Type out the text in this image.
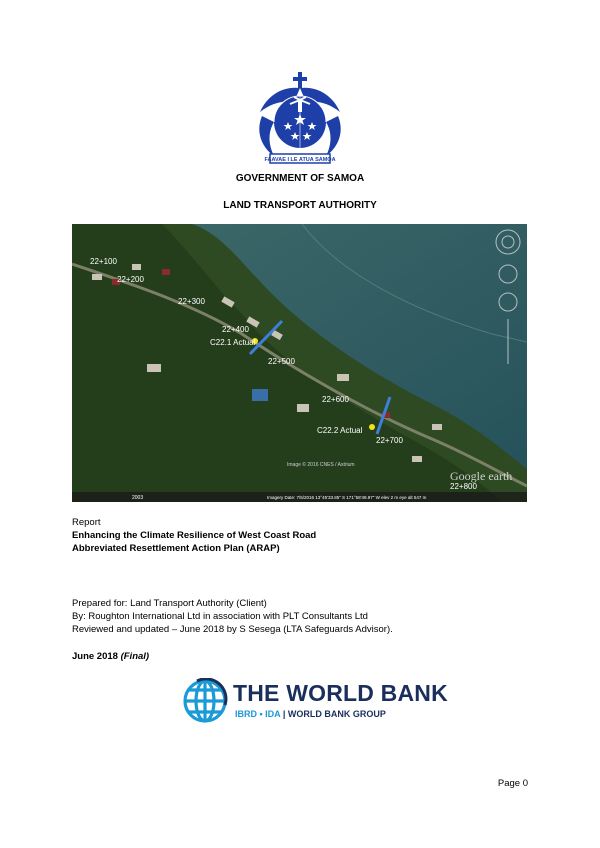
FAAVAE I LE ATUA SAMOA
GOVERNMENT OF SAMOA
LAND TRANSPORT AUTHORITY
22+100
22+200
22+300
22+400
C22.1 Actual
22+500
22+600
C22.2 Actual
22+700
22+800
Google earth
Image © 2016 CNES / Astrium
2003	Imagery Date: 7/5/2016 13°45'33.85" S 171°58'49.97" W elev 2 m eye alt 547 m
Report
Enhancing the Climate Resilience of West Coast Road
Abbreviated Resettlement Action Plan (ARAP)
Prepared for: Land Transport Authority (Client)
By: Roughton International Ltd in association with PLT Consultants Ltd
Reviewed and updated – June 2018 by S Sesega (LTA Safeguards Advisor).
June 2018 (Final)
THE WORLD BANK
IBRD • IDA | WORLD BANK GROUP
Page 0
